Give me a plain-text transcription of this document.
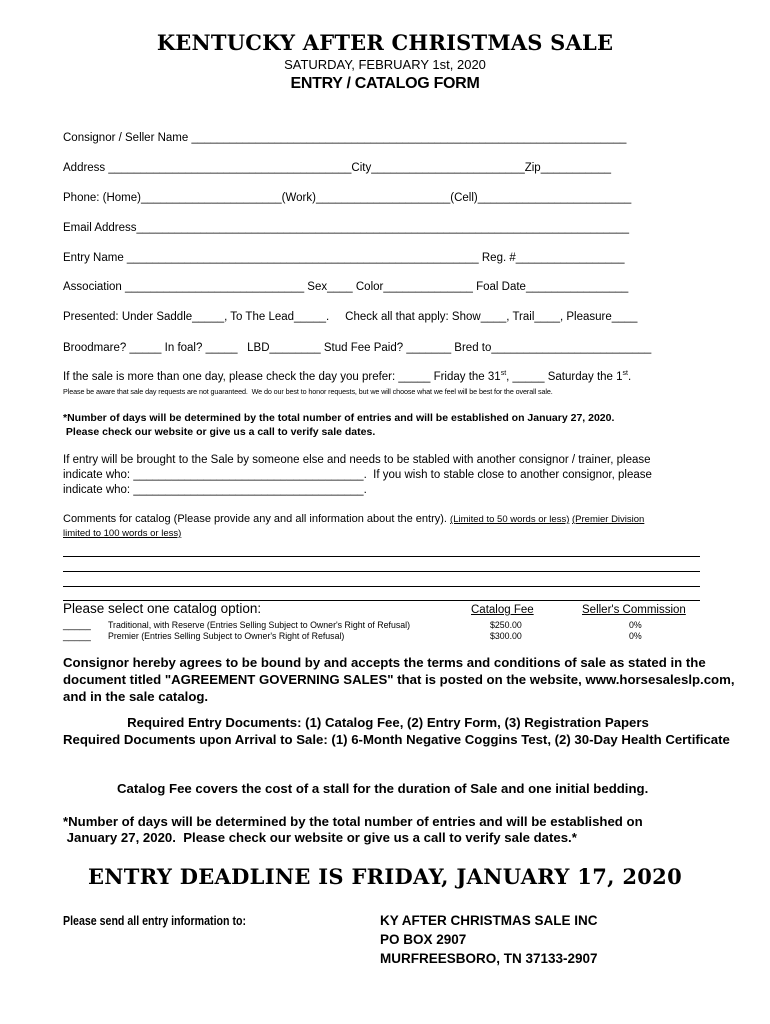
KENTUCKY AFTER CHRISTMAS SALE
SATURDAY, FEBRUARY 1st, 2020
ENTRY / CATALOG FORM
Consignor / Seller Name ____________________________________________________________________
Address ______________________________________City________________________Zip___________
Phone: (Home)______________________(Work)_____________________(Cell)________________________
Email Address_____________________________________________________________________________
Entry Name _______________________________________________________ Reg. #_________________
Association ____________________________ Sex____ Color______________ Foal Date________________
Presented: Under Saddle_____, To The Lead_____.     Check all that apply: Show____, Trail____, Pleasure____
Broodmare? _____ In foal? _____   LBD________ Stud Fee Paid? _______ Bred to_________________________
If the sale is more than one day, please check the day you prefer: _____ Friday the 31st, _____ Saturday the 1st.
Please be aware that sale day requests are not guaranteed.  We do our best to honor requests, but we will choose what we feel will be best for the overall sale.
*Number of days will be determined by the total number of entries and will be established on January 27, 2020.
Please check our website or give us a call to verify sale dates.
If entry will be brought to the Sale by someone else and needs to be stabled with another consignor / trainer, please
indicate who: ____________________________________.  If you wish to stable close to another consignor, please
indicate who: ____________________________________.
Comments for catalog (Please provide any and all information about the entry). (Limited to 50 words or less) (Premier Division
limited to 100 words or less)
Please select one catalog option:	Catalog Fee	Seller's Commission
_____ Traditional, with Reserve (Entries Selling Subject to Owner's Right of Refusal)	$250.00	0%
_____ Premier (Entries Selling Subject to Owner's Right of Refusal)	$300.00	0%
Consignor hereby agrees to be bound by and accepts the terms and conditions of sale as stated in the document titled "AGREEMENT GOVERNING SALES" that is posted on the website, www.horsesaleslp.com, and in the sale catalog.
Required Entry Documents: (1) Catalog Fee, (2) Entry Form, (3) Registration Papers
Required Documents upon Arrival to Sale: (1) 6-Month Negative Coggins Test, (2) 30-Day Health Certificate
Catalog Fee covers the cost of a stall for the duration of Sale and one initial bedding.
*Number of days will be determined by the total number of entries and will be established on
January 27, 2020.  Please check our website or give us a call to verify sale dates.*
ENTRY DEADLINE IS FRIDAY, JANUARY 17, 2020
Please send all entry information to:	KY AFTER CHRISTMAS SALE INC
PO BOX 2907
MURFREESBORO, TN 37133-2907
